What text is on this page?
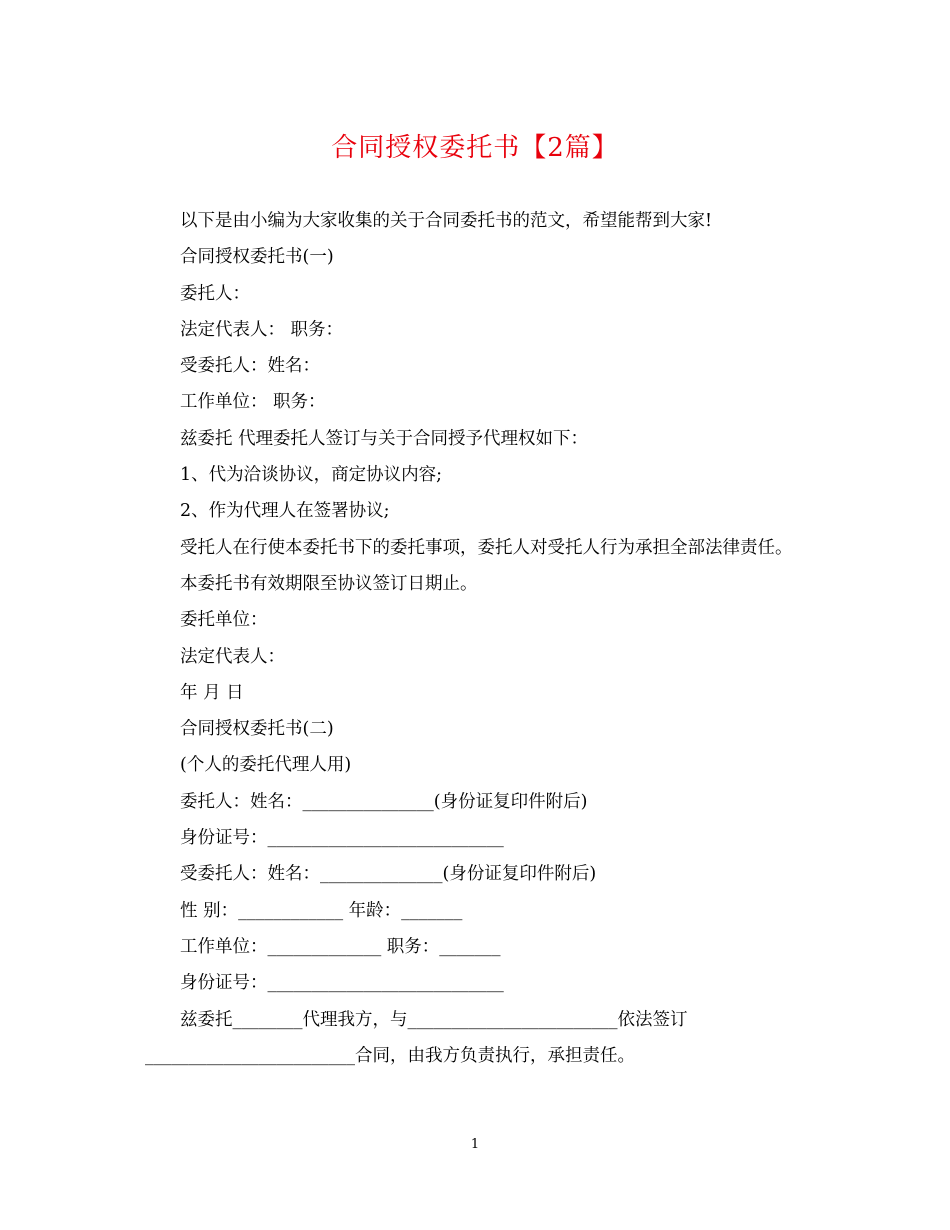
合同授权委托书【2篇】

以下是由小编为大家收集的关于合同委托书的范文，希望能帮到大家!

合同授权委托书(一)

委托人：

法定代表人： 职务：

受委托人：姓名：

工作单位： 职务：

兹委托 代理委托人签订与关于合同授予代理权如下：

1、代为洽谈协议，商定协议内容;

2、作为代理人在签署协议;

受托人在行使本委托书下的委托事项，委托人对受托人行为承担全部法律责任。

本委托书有效期限至协议签订日期止。

委托单位：

法定代表人：

年 月 日

合同授权委托书(二)

(个人的委托代理人用)

委托人：姓名：_______________(身份证复印件附后)

身份证号：___________________________

受委托人：姓名：______________(身份证复印件附后)

性 别：____________ 年龄：_______

工作单位：_____________ 职务：_______

身份证号：___________________________

兹委托________代理我方，与________________________依法签订________________________合同，由我方负责执行，承担责任。

1
